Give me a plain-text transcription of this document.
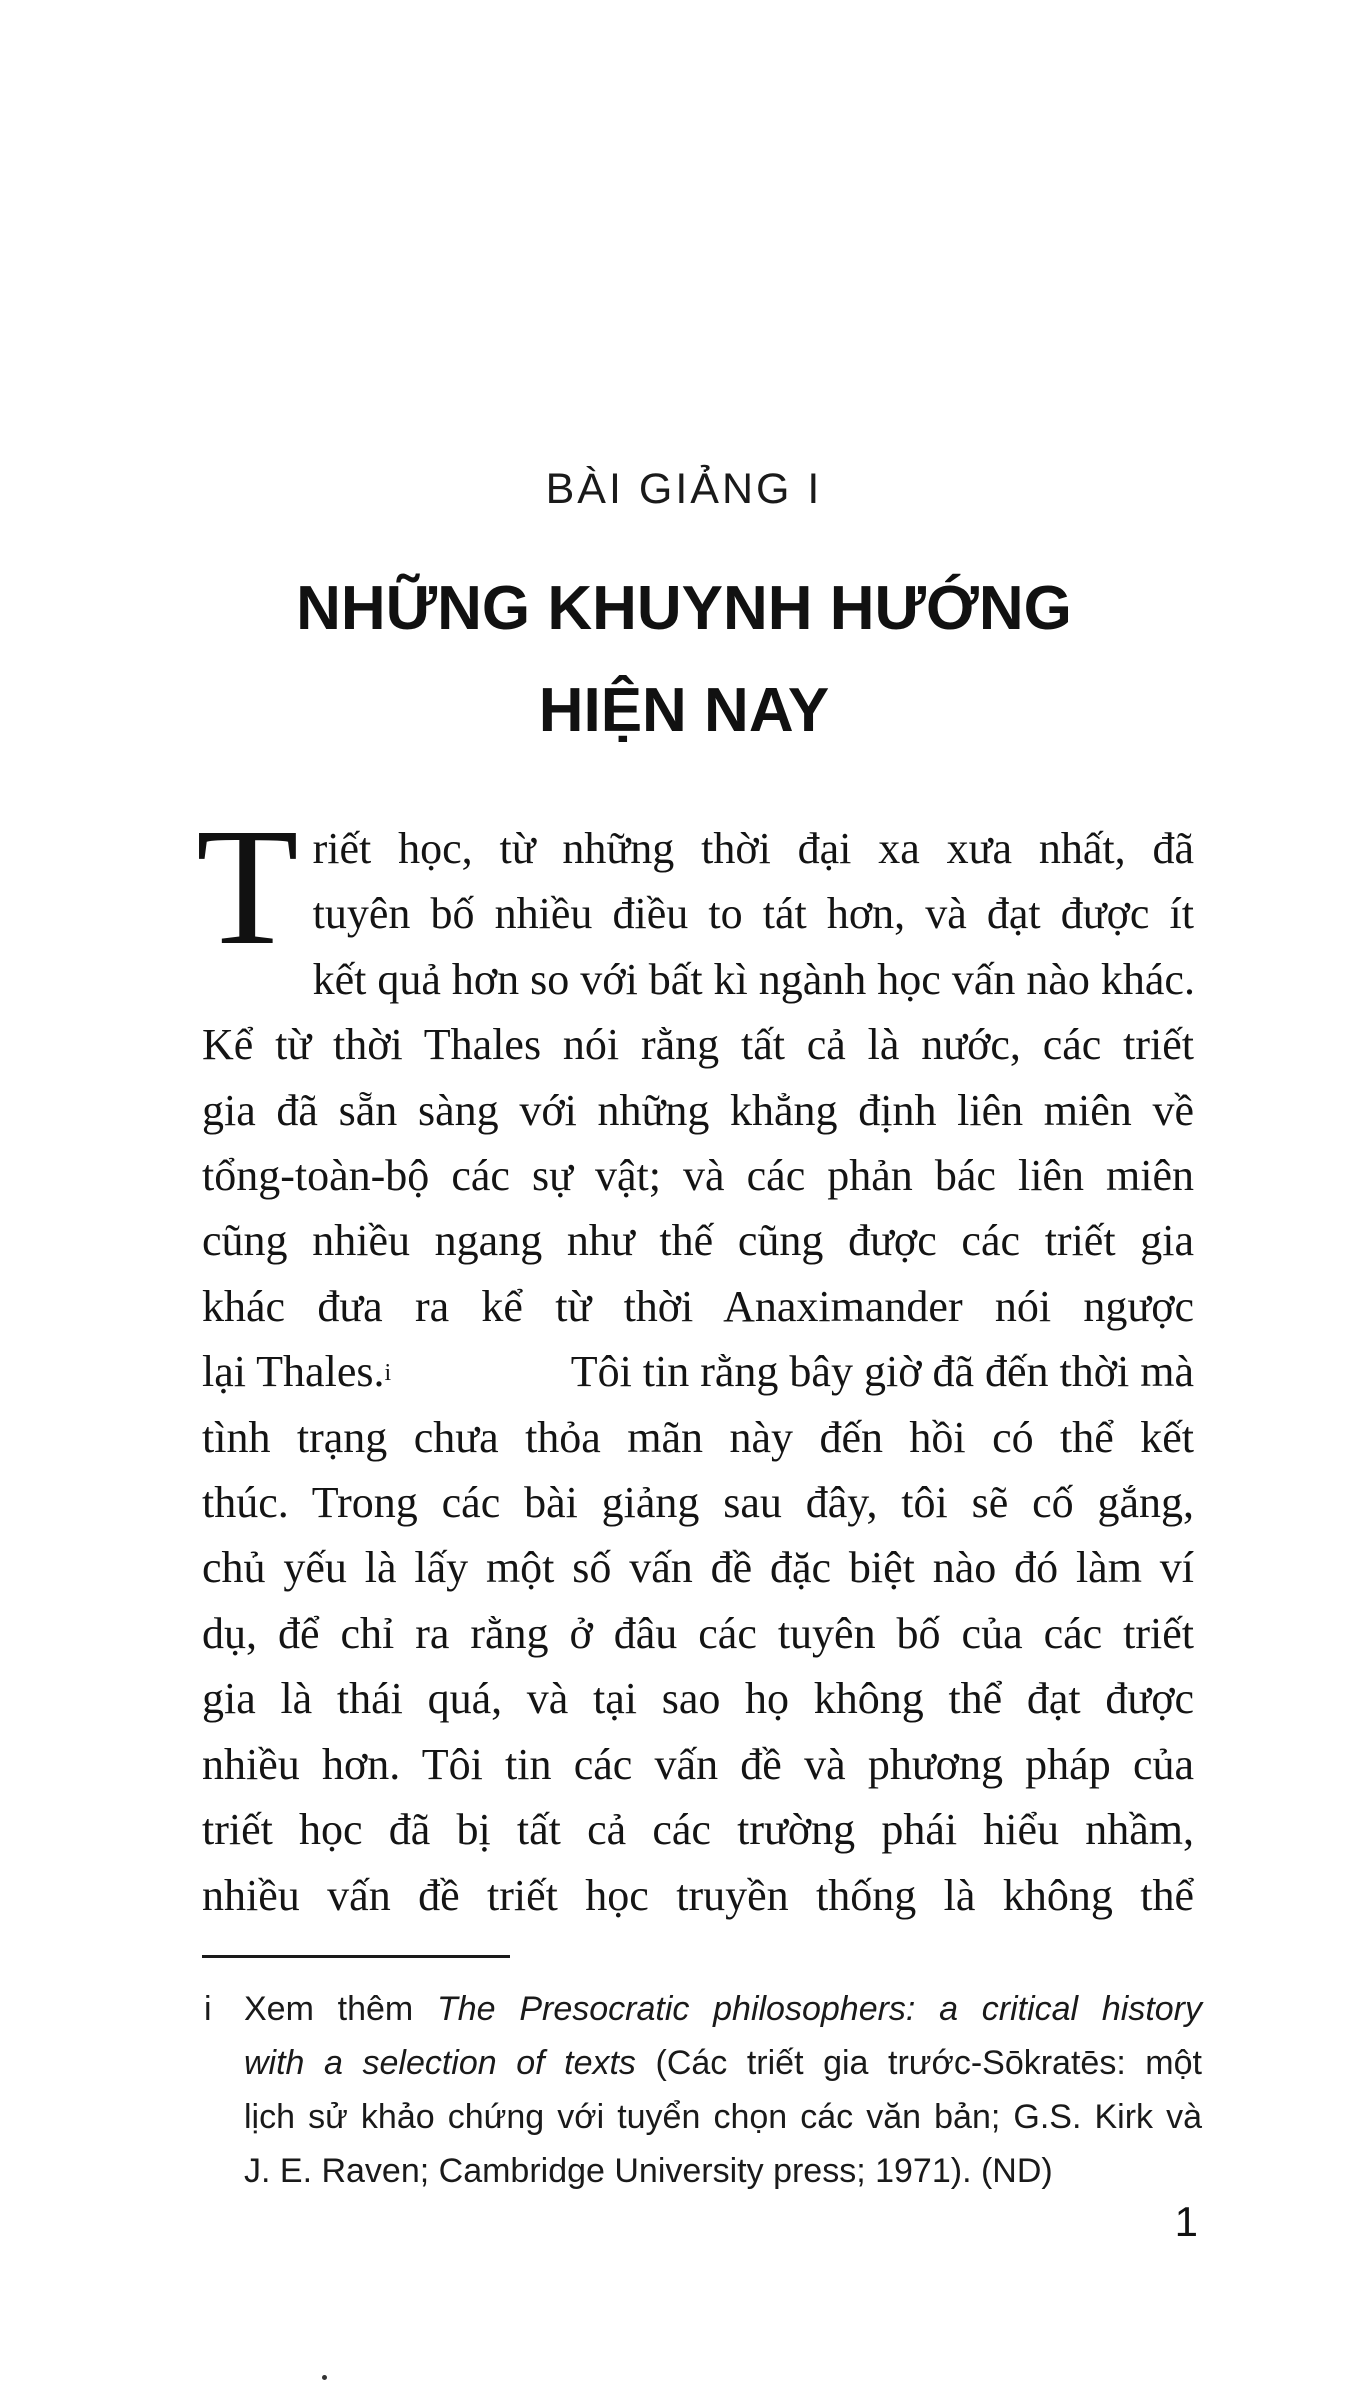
BÀI GIẢNG I
NHỮNG KHUYNH HƯỚNG
HIỆN NAY
T riết học, từ những thời đại xa xưa nhất, đã
tuyên bố nhiều điều to tát hơn, và đạt được ít
kết quả hơn so với bất kì ngành học vấn nào khác.
Kể từ thời Thales nói rằng tất cả là nước, các triết
gia đã sẵn sàng với những khẳng định liên miên về
tổng-toàn-bộ các sự vật; và các phản bác liên miên
cũng nhiều ngang như thế cũng được các triết gia
khác đưa ra kể từ thời Anaximander nói ngược
lại Thales.$^i$	Tôi tin rằng bây giờ đã đến thời mà
tình trạng chưa thỏa mãn này đến hồi có thể kết
thúc. Trong các bài giảng sau đây, tôi sẽ cố gắng,
chủ yếu là lấy một số vấn đề đặc biệt nào đó làm ví
dụ, để chỉ ra rằng ở đâu các tuyên bố của các triết
gia là thái quá, và tại sao họ không thể đạt được
nhiều hơn. Tôi tin các vấn đề và phương pháp của
triết học đã bị tất cả các trường phái hiểu nhầm,
nhiều vấn đề triết học truyền thống là không thể
i Xem thêm The Presocratic philosophers: a critical history
with a selection of texts (Các triết gia trước-Sōkratēs: một
lịch sử khảo chứng với tuyển chọn các văn bản; G.S. Kirk và
J. E. Raven; Cambridge University press; 1971). (ND)
1
